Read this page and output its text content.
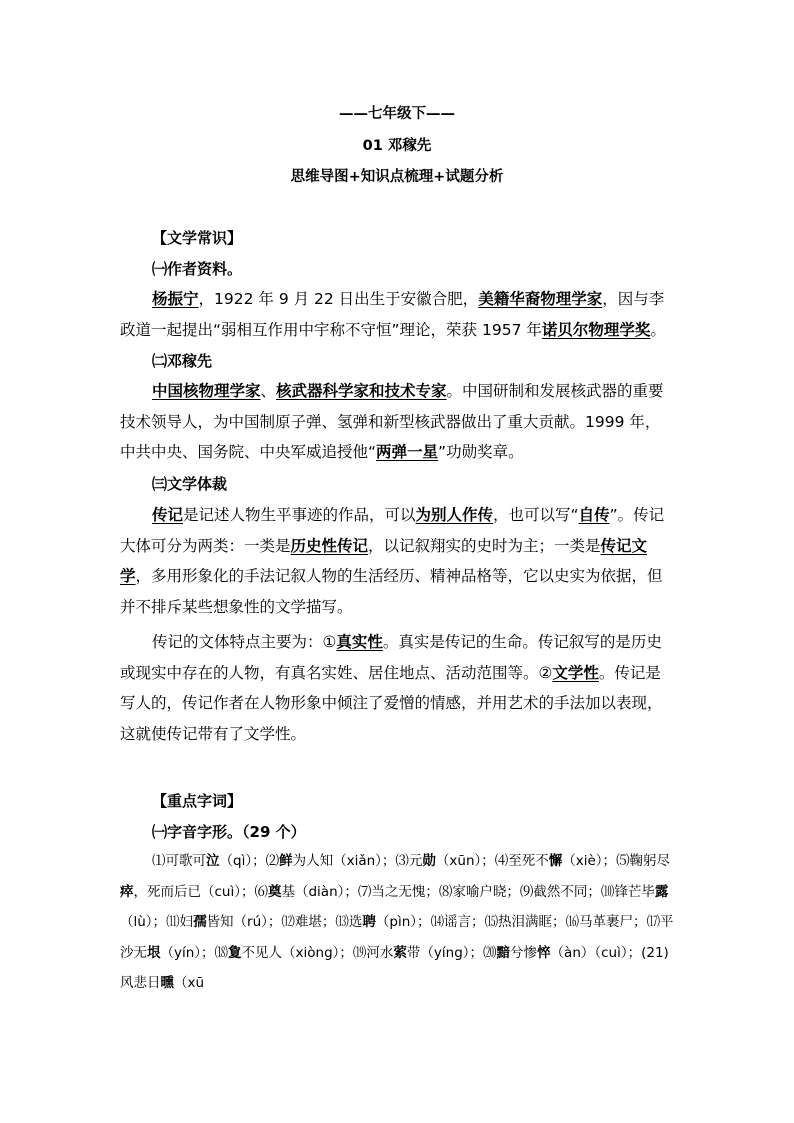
——七年级下——
01 邓稼先
思维导图+知识点梳理+试题分析
【文学常识】
㈠作者资料。
杨振宁，1922 年 9 月 22 日出生于安徽合肥，美籍华裔物理学家，因与李政道一起提出“弱相互作用中宇称不守恒”理论，荣获 1957 年诺贝尔物理学奖。
㈡邓稼先
中国核物理学家、核武器科学家和技术专家。中国研制和发展核武器的重要技术领导人，为中国制原子弹、氢弹和新型核武器做出了重大贡献。1999 年，中共中央、国务院、中央军威追授他“两弹一星”功勋奖章。
㈢文学体裁
传记是记述人物生平事迹的作品，可以为别人作传，也可以写“自传”。传记大体可分为两类：一类是历史性传记，以记叙翔实的史时为主；一类是传记文学，多用形象化的手法记叙人物的生活经历、精神品格等，它以史实为依据，但并不排斥某些想象性的文学描写。
传记的文体特点主要为：①真实性。真实是传记的生命。传记叙写的是历史或现实中存在的人物，有真名实姓、居住地点、活动范围等。②文学性。传记是写人的，传记作者在人物形象中倾注了爱憎的情感，并用艺术的手法加以表现，这就使传记带有了文学性。
【重点字词】
㈠字音字形。（29 个）
⑴可歌可泣（qì）；⑵鲜为人知（xiǎn）；⑶元勋（xūn）；⑷至死不懈（xiè）；⑸鞠躬尽瘁，死而后已（cuì）；⑹奠基（diàn）；⑺当之无愧；⑻家喻户晓；⑼截然不同；⑽锋芒毕露（lù）；⑾妇孺皆知（rú）；⑿难堪；⒀选聘（pìn）；⒁谣言；⒂热泪满眶；⒃马革裹尸；⒄平沙无垠（yín）；⒅夐不见人（xiòng）；⒆河水萦带（yíng）；⒇黯兮惨悴（àn）（cuì）；(21)风悲日曛（xū
